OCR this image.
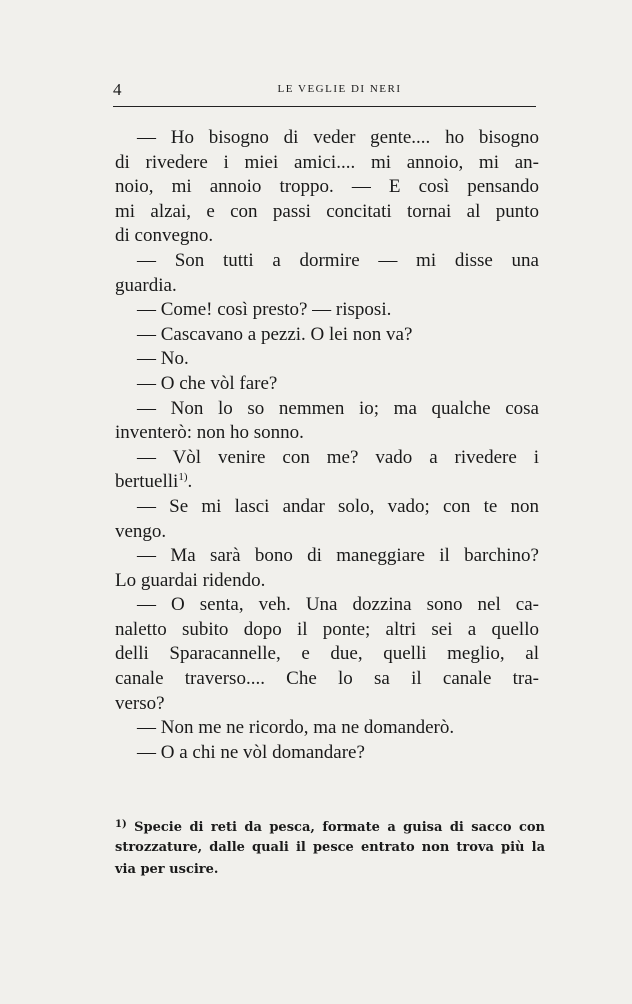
4	LE VEGLIE DI NERI
— Ho bisogno di veder gente.... ho bisogno
di rivedere i miei amici.... mi annoio, mi an-
noio, mi annoio troppo. — E così pensando
mi alzai, e con passi concitati tornai al punto
di convegno.
— Son tutti a dormire — mi disse una
guardia.
— Come! così presto? — risposi.
— Cascavano a pezzi. O lei non va?
— No.
— O che vòl fare?
— Non lo so nemmen io; ma qualche cosa
inventerò: non ho sonno.
— Vòl venire con me? vado a rivedere i
bertuelli$^{1)}$.
— Se mi lasci andar solo, vado; con te non
vengo.
— Ma sarà bono di maneggiare il barchino?
Lo guardai ridendo.
— O senta, veh. Una dozzina sono nel ca-
naletto subito dopo il ponte; altri sei a quello
delli Sparacannelle, e due, quelli meglio, al
canale traverso.... Che lo sa il canale tra-
verso?
— Non me ne ricordo, ma ne domanderò.
— O a chi ne vòl domandare?
$^{1)}$ Specie di reti da pesca, formate a guisa di sacco con
strozzature, dalle quali il pesce entrato non trova più la
via per uscire.
